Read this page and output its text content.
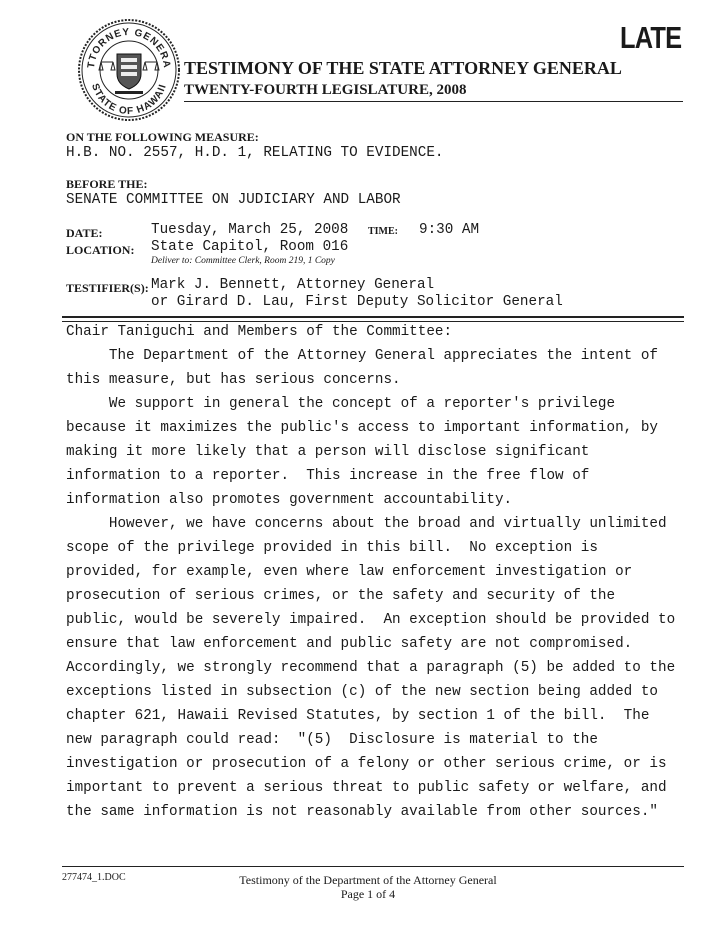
LATE
TTORNEY GENERA
STATE OF HAWAII
TESTIMONY OF THE STATE ATTORNEY GENERAL
TWENTY-FOURTH LEGISLATURE, 2008
ON THE FOLLOWING MEASURE:
H.B. NO. 2557, H.D. 1, RELATING TO EVIDENCE.
BEFORE THE:
SENATE COMMITTEE ON JUDICIARY AND LABOR
DATE:	Tuesday, March 25, 2008 TIME: 9:30 AM
LOCATION: State Capitol, Room 016
Deliver to: Committee Clerk, Room 219, 1 Copy
TESTIFIER(S): Mark J. Bennett, Attorney General
or Girard D. Lau, First Deputy Solicitor General
Chair Taniguchi and Members of the Committee:
The Department of the Attorney General appreciates the intent of
this measure, but has serious concerns.
We support in general the concept of a reporter's privilege
because it maximizes the public's access to important information, by
making it more likely that a person will disclose significant
information to a reporter.  This increase in the free flow of
information also promotes government accountability.
However, we have concerns about the broad and virtually unlimited
scope of the privilege provided in this bill.  No exception is
provided, for example, even where law enforcement investigation or
prosecution of serious crimes, or the safety and security of the
public, would be severely impaired.  An exception should be provided to
ensure that law enforcement and public safety are not compromised.
Accordingly, we strongly recommend that a paragraph (5) be added to the
exceptions listed in subsection (c) of the new section being added to
chapter 621, Hawaii Revised Statutes, by section 1 of the bill.  The
new paragraph could read:  "(5)  Disclosure is material to the
investigation or prosecution of a felony or other serious crime, or is
important to prevent a serious threat to public safety or welfare, and
the same information is not reasonably available from other sources."
277474_1.DOC	Testimony of the Department of the Attorney General
Page 1 of 4
